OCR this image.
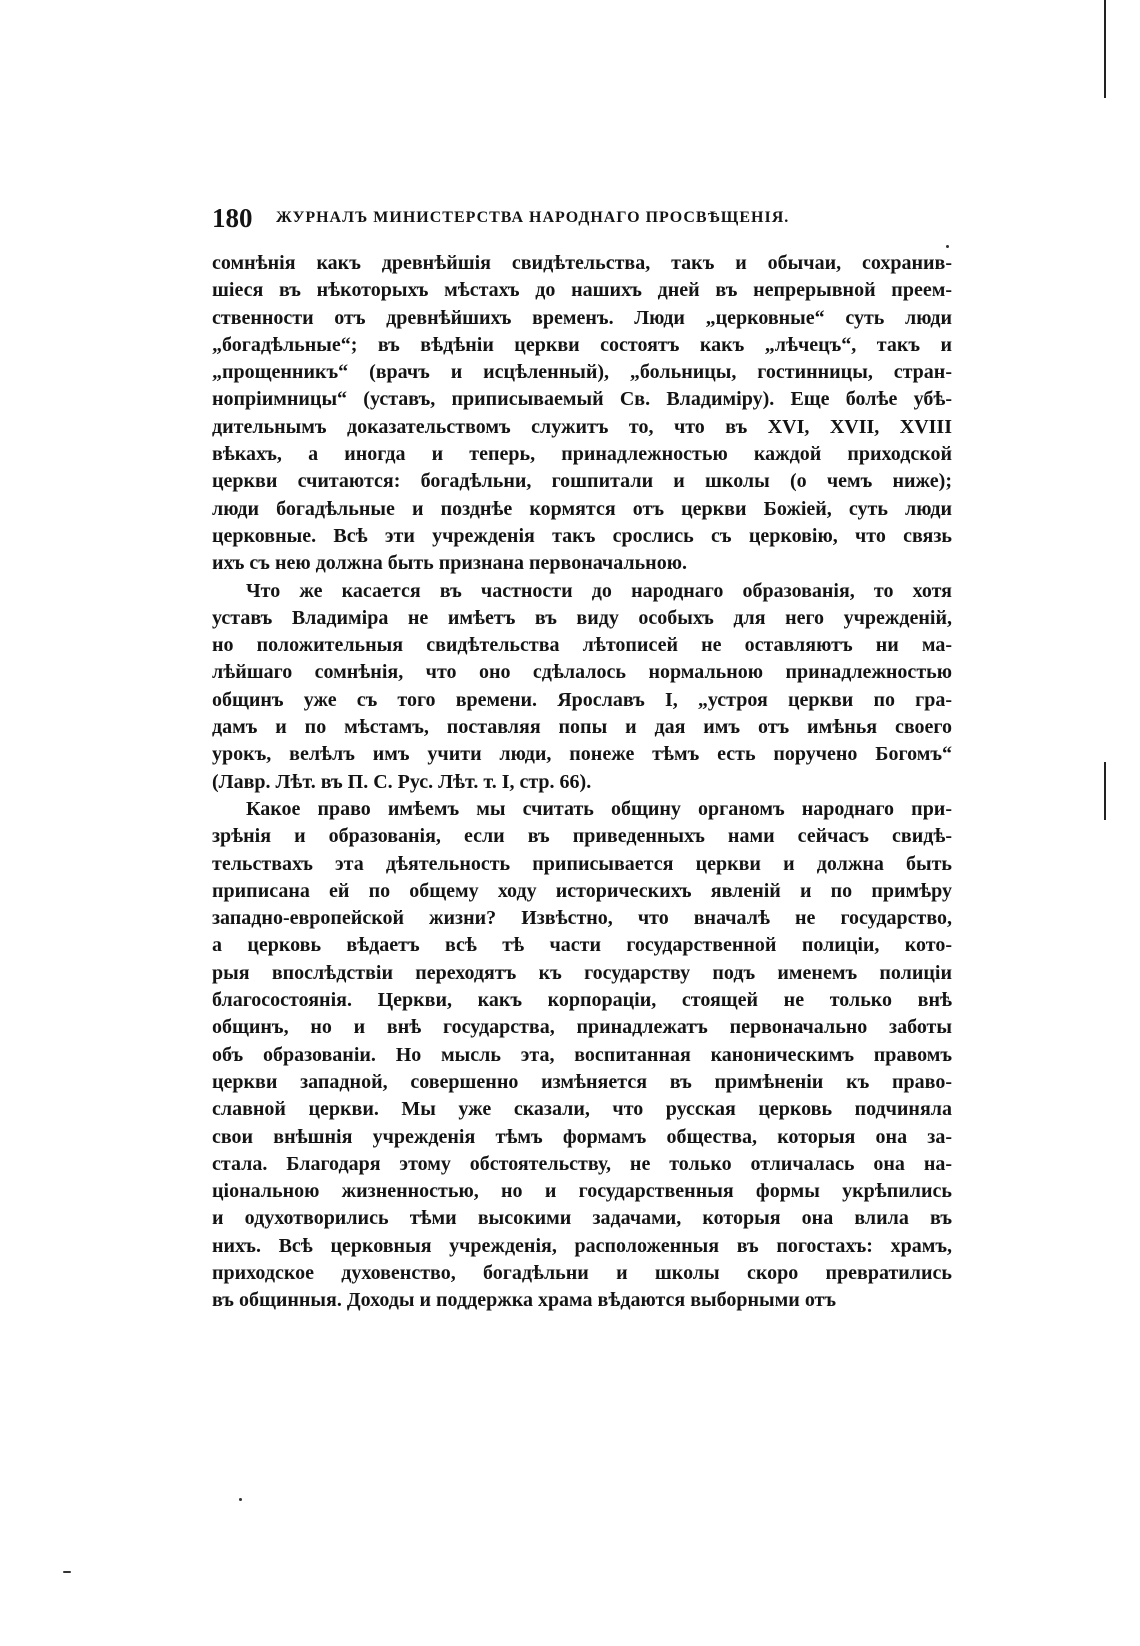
180 ЖУРНАЛЪ МИНИСТЕРСТВА НАРОДНАГО ПРОСВѢЩЕНІЯ.
сомнѣнія какъ древнѣйшія свидѣтельства, такъ и обычаи, сохранив-
шіеся въ нѣкоторыхъ мѣстахъ до нашихъ дней въ непрерывной преем-
ственности отъ древнѣйшихъ временъ. Люди „церковные“ суть люди
„богадѣльные“; въ вѣдѣніи церкви состоятъ какъ „лѣчецъ“, такъ и
„прощенникъ“ (врачъ и исцѣленный), „больницы, гостинницы, стран-
нопріимницы“ (уставъ, приписываемый Св. Владиміру). Еще болѣе убѣ-
дительнымъ доказательствомъ служитъ то, что въ XVI, XVII, XVIII
вѣкахъ, а иногда и теперь, принадлежностью каждой приходской
церкви считаются: богадѣльни, гошпитали и школы (о чемъ ниже);
люди богадѣльные и позднѣе кормятся отъ церкви Божіей, суть люди
церковные. Всѣ эти учрежденія такъ срослись съ церковію, что связь
ихъ съ нею должна быть признана первоначальною.
Что же касается въ частности до народнаго образованія, то хотя
уставъ Владиміра не имѣетъ въ виду особыхъ для него учрежденій,
но положительныя свидѣтельства лѣтописей не оставляютъ ни ма-
лѣйшаго сомнѣнія, что оно сдѣлалось нормальною принадлежностью
общинъ уже съ того времени. Ярославъ I, „устроя церкви по гра-
дамъ и по мѣстамъ, поставляя попы и дая имъ отъ имѣнья своего
урокъ, велѣлъ имъ учити люди, понеже тѣмъ есть поручено Богомъ“
(Лавр. Лѣт. въ П. С. Рус. Лѣт. т. I, стр. 66).
Какое право имѣемъ мы считать общину органомъ народнаго при-
зрѣнія и образованія, если въ приведенныхъ нами сейчасъ свидѣ-
тельствахъ эта дѣятельность приписывается церкви и должна быть
приписана ей по общему ходу историческихъ явленій и по примѣру
западно-европейской жизни? Извѣстно, что вначалѣ не государство,
а церковь вѣдаетъ всѣ тѣ части государственной полиціи, кото-
рыя впослѣдствіи переходятъ къ государству подъ именемъ полиціи
благосостоянія. Церкви, какъ корпораціи, стоящей не только внѣ
общинъ, но и внѣ государства, принадлежатъ первоначально заботы
объ образованіи. Но мысль эта, воспитанная каноническимъ правомъ
церкви западной, совершенно измѣняется въ примѣненіи къ право-
славной церкви. Мы уже сказали, что русская церковь подчиняла
свои внѣшнія учрежденія тѣмъ формамъ общества, которыя она за-
стала. Благодаря этому обстоятельству, не только отличалась она на-
ціональною жизненностью, но и государственныя формы укрѣпились
и одухотворились тѣми высокими задачами, которыя она влила въ
нихъ. Всѣ церковныя учрежденія, расположенныя въ погостахъ: храмъ,
приходское духовенство, богадѣльни и школы скоро превратились
въ общинныя. Доходы и поддержка храма вѣдаются выборными отъ
